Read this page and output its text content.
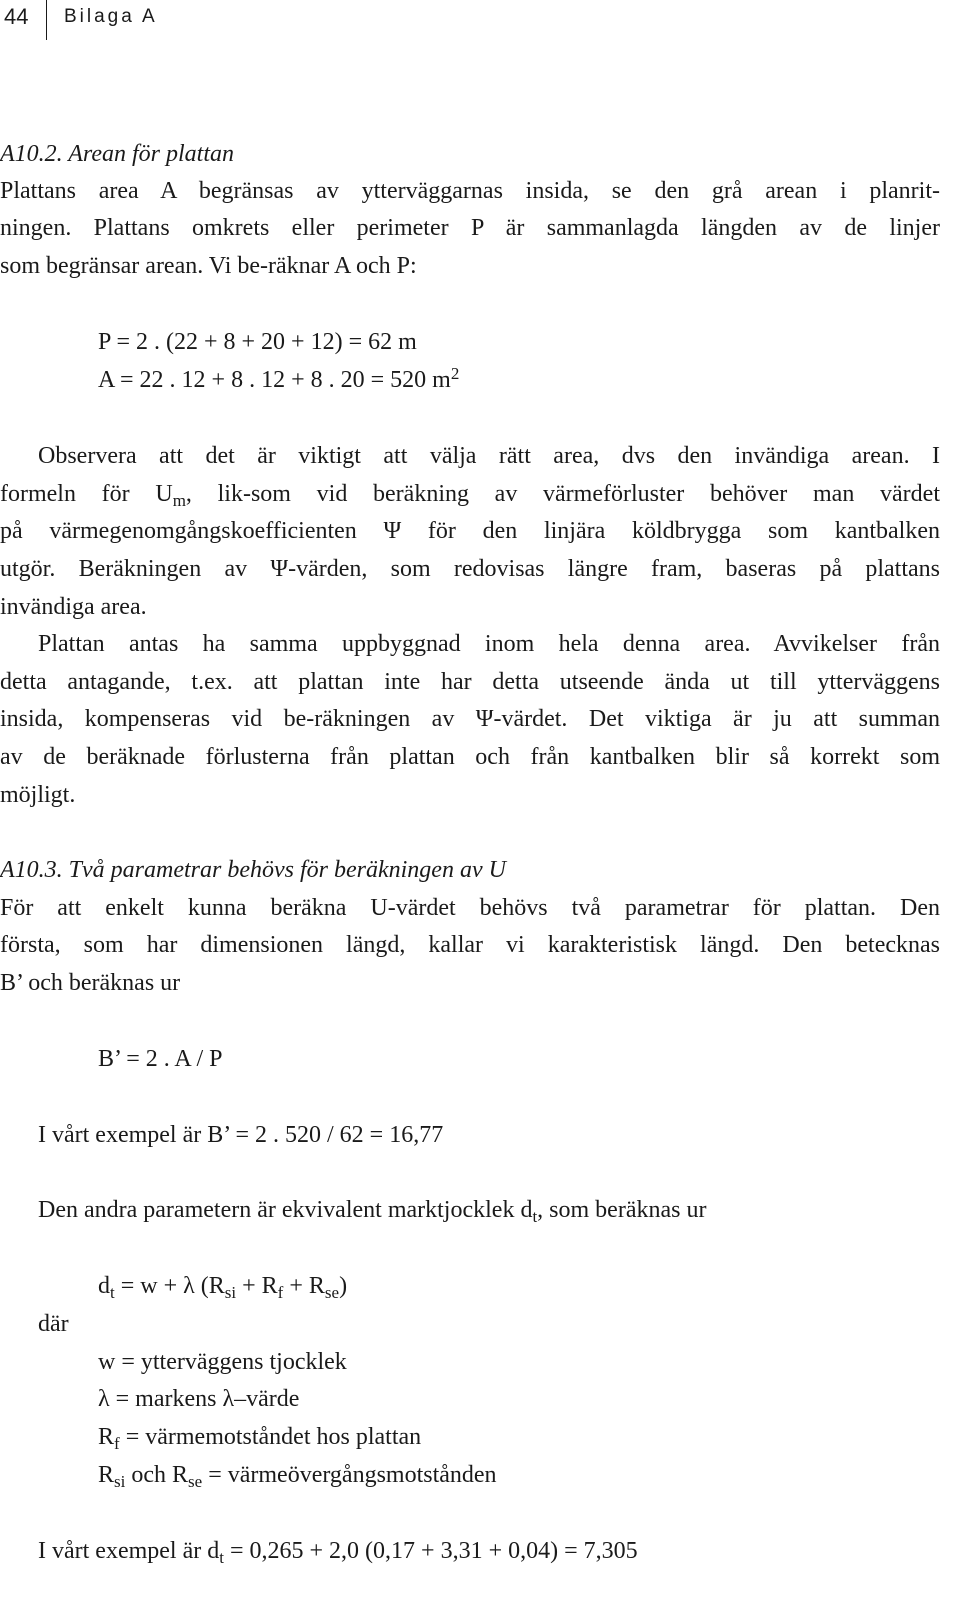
44 Bilaga A
A10.2. Arean för plattan
Plattans area A begränsas av ytterväggarnas insida, se den grå arean i planrit-
ningen. Plattans omkrets eller perimeter P är sammanlagda längden av de linjer
som begränsar arean. Vi be-räknar A och P:
P = 2 . (22 + 8 + 20 + 12) = 62 m
A = 22 . 12 + 8 . 12 + 8 . 20 = 520 $m^2$
Observera att det är viktigt att välja rätt area, dvs den invändiga arean. I
formeln för $U_m$, lik-som vid beräkning av värmeförluster behöver man värdet
på värmegenomgångskoefficienten Ψ för den linjära köldbrygga som kantbalken
utgör. Beräkningen av Ψ-värden, som redovisas längre fram, baseras på plattans
invändiga area.
Plattan antas ha samma uppbyggnad inom hela denna area. Avvikelser från
detta antagande, t.ex. att plattan inte har detta utseende ända ut till ytterväggens
insida, kompenseras vid be-räkningen av Ψ-värdet. Det viktiga är ju att summan
av de beräknade förlusterna från plattan och från kantbalken blir så korrekt som
möjligt.
A10.3. Två parametrar behövs för beräkningen av U
För att enkelt kunna beräkna U-värdet behövs två parametrar för plattan. Den
första, som har dimensionen längd, kallar vi karakteristisk längd. Den betecknas
B’ och beräknas ur
B’ = 2 . A / P
I vårt exempel är B’ = 2 . 520 / 62 = 16,77
Den andra parametern är ekvivalent marktjocklek $d_t$, som beräknas ur
$d_t = w + \lambda$ $(R_{si} + R_f + R_{se})$
där
w = ytterväggens tjocklek
λ = markens λ–värde
$R_f$ = värmemotståndet hos plattan
$R_{si}$ och $R_{se}$ = värmeövergångsmotstånden
I vårt exempel är $d_t = 0,265 + 2,0$ (0,17 + 3,31 + 0,04) = 7,305
